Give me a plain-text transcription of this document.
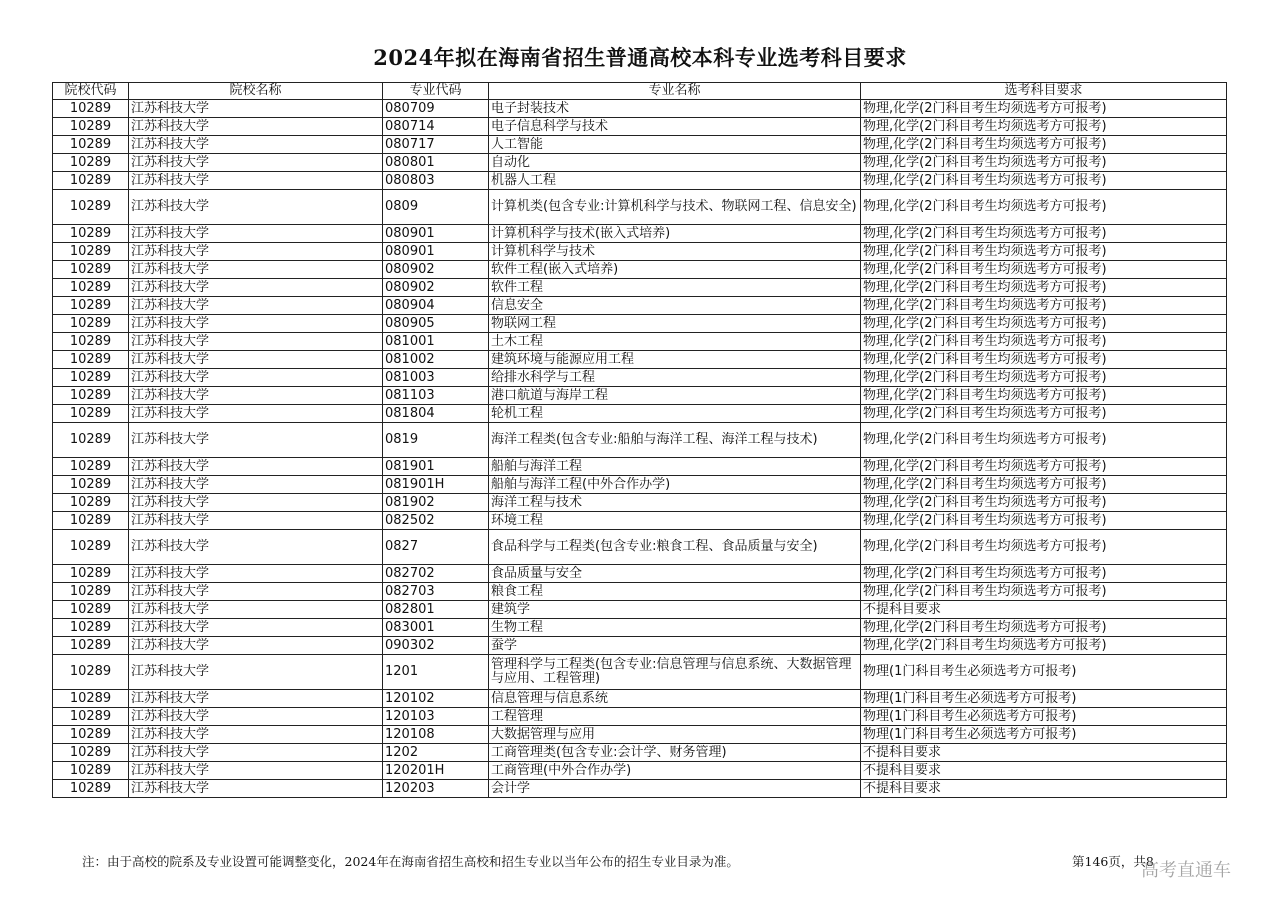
2024年拟在海南省招生普通高校本科专业选考科目要求
院校代码	院校名称	专业代码	专业名称	选考科目要求
10289	江苏科技大学	080709	电子封装技术	物理,化学(2门科目考生均须选考方可报考)
10289	江苏科技大学	080714	电子信息科学与技术	物理,化学(2门科目考生均须选考方可报考)
10289	江苏科技大学	080717	人工智能	物理,化学(2门科目考生均须选考方可报考)
10289	江苏科技大学	080801	自动化	物理,化学(2门科目考生均须选考方可报考)
10289	江苏科技大学	080803	机器人工程	物理,化学(2门科目考生均须选考方可报考)
10289	江苏科技大学	0809	计算机类(包含专业:计算机科学与技术、物联网工程、信息安全)	物理,化学(2门科目考生均须选考方可报考)
10289	江苏科技大学	080901	计算机科学与技术(嵌入式培养)	物理,化学(2门科目考生均须选考方可报考)
10289	江苏科技大学	080901	计算机科学与技术	物理,化学(2门科目考生均须选考方可报考)
10289	江苏科技大学	080902	软件工程(嵌入式培养)	物理,化学(2门科目考生均须选考方可报考)
10289	江苏科技大学	080902	软件工程	物理,化学(2门科目考生均须选考方可报考)
10289	江苏科技大学	080904	信息安全	物理,化学(2门科目考生均须选考方可报考)
10289	江苏科技大学	080905	物联网工程	物理,化学(2门科目考生均须选考方可报考)
10289	江苏科技大学	081001	土木工程	物理,化学(2门科目考生均须选考方可报考)
10289	江苏科技大学	081002	建筑环境与能源应用工程	物理,化学(2门科目考生均须选考方可报考)
10289	江苏科技大学	081003	给排水科学与工程	物理,化学(2门科目考生均须选考方可报考)
10289	江苏科技大学	081103	港口航道与海岸工程	物理,化学(2门科目考生均须选考方可报考)
10289	江苏科技大学	081804	轮机工程	物理,化学(2门科目考生均须选考方可报考)
10289	江苏科技大学	0819	海洋工程类(包含专业:船舶与海洋工程、海洋工程与技术)	物理,化学(2门科目考生均须选考方可报考)
10289	江苏科技大学	081901	船舶与海洋工程	物理,化学(2门科目考生均须选考方可报考)
10289	江苏科技大学	081901H	船舶与海洋工程(中外合作办学)	物理,化学(2门科目考生均须选考方可报考)
10289	江苏科技大学	081902	海洋工程与技术	物理,化学(2门科目考生均须选考方可报考)
10289	江苏科技大学	082502	环境工程	物理,化学(2门科目考生均须选考方可报考)
10289	江苏科技大学	0827	食品科学与工程类(包含专业:粮食工程、食品质量与安全)	物理,化学(2门科目考生均须选考方可报考)
10289	江苏科技大学	082702	食品质量与安全	物理,化学(2门科目考生均须选考方可报考)
10289	江苏科技大学	082703	粮食工程	物理,化学(2门科目考生均须选考方可报考)
10289	江苏科技大学	082801	建筑学	不提科目要求
10289	江苏科技大学	083001	生物工程	物理,化学(2门科目考生均须选考方可报考)
10289	江苏科技大学	090302	蚕学	物理,化学(2门科目考生均须选考方可报考)
10289	江苏科技大学	1201	管理科学与工程类(包含专业:信息管理与信息系统、大数据管理与应用、工程管理)	物理(1门科目考生必须选考方可报考)
10289	江苏科技大学	120102	信息管理与信息系统	物理(1门科目考生必须选考方可报考)
10289	江苏科技大学	120103	工程管理	物理(1门科目考生必须选考方可报考)
10289	江苏科技大学	120108	大数据管理与应用	物理(1门科目考生必须选考方可报考)
10289	江苏科技大学	1202	工商管理类(包含专业:会计学、财务管理)	不提科目要求
10289	江苏科技大学	120201H	工商管理(中外合作办学)	不提科目要求
10289	江苏科技大学	120203	会计学	不提科目要求
注：由于高校的院系及专业设置可能调整变化，2024年在海南省招生高校和招生专业以当年公布的招生专业目录为准。	第146页，共8
高考直通车
